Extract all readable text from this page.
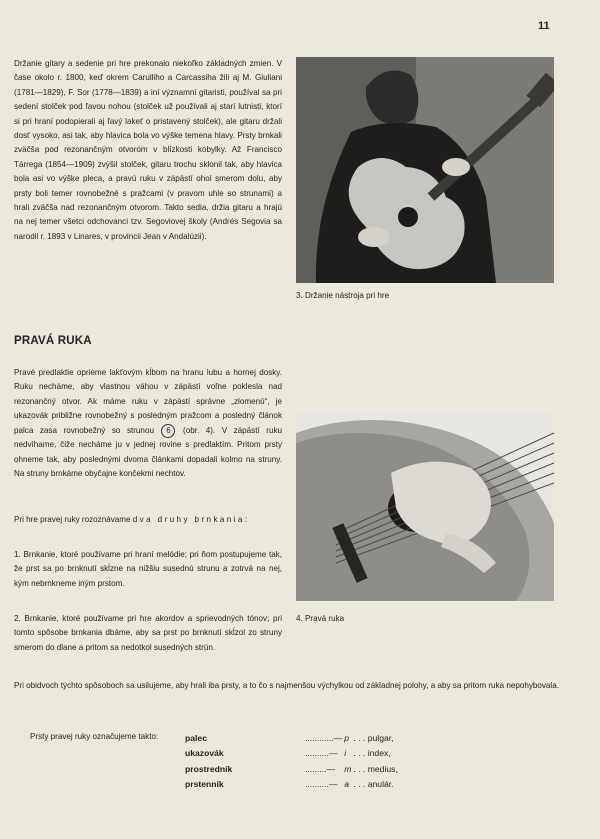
11

Držanie gitary a sedenie pri hre prekonalo niekoľko základných zmien. V čase okolo r. 1800, keď okrem Carulliho a Carcassiha žili aj M. Giuliani (1781—1829), F. Sor (1778—1839) a iní významní gitaristi, používal sa pri sedení stolček pod ľavou nohou (stolček už používali aj starí lutnisti, ktorí si pri hraní podopierali aj ľavý lakeť o pristavený stolček), ale gitaru držali dosť vysoko, asi tak, aby hlavica bola vo výške temena hlavy. Prsty brnkali zväčša pod rezonančným otvorom v blízkosti kobylky. Až Francisco Tárrega (1854—1909) zvýšil stolček, gitaru trochu sklonil tak, aby hlavica bola asi vo výške pleca, a pravú ruku v zápästí ohol smerom dolu, aby prsty boli temer rovnobežné s pražcami (v pravom uhle so strunami) a hrali zväčša nad rezonančným otvorom. Takto sedia, držia gitaru a hrajú na nej temer všetci odchovanci tzv. Segoviovej školy (Andrés Segovia sa narodil r. 1893 v Linares, v provincii Jean v Andalúzii).

3. Držanie nástroja pri hre
PRAVÁ RUKA

Pravé predlaktie oprieme lakťovým kĺbom na hranu lubu a hornej dosky. Ruku necháme, aby vlastnou váhou v zápästí voľne poklesla nad rezonančný otvor. Ak máme ruku v zápästí správne „zlomenú“, je ukazovák približne rovnobežný s posledným pražcom a posledný článok palca zasa rovnobežný so strunou 6 (obr. 4). V zápästí ruku nedvíhame, čiže necháme ju v jednej rovine s predlaktím. Pritom prsty ohneme tak, aby poslednými dvoma článkami dopadali kolmo na struny. Na struny brnkáme obyčajne končekmi nechtov.

Pri hre pravej ruky rozoznávame dva druhy brnkania:

1. Brnkanie, ktoré používame pri hraní melódie; pri ňom postupujeme tak, že prst sa po brnknutí skĺzne na nižšiu susednú strunu a zotrvá na nej, kým nebrnkneme iným prstom.

2. Brnkanie, ktoré používame pri hre akordov a sprievodných tónov; pri tomto spôsobe brnkania dbáme, aby sa prst po brnknutí skĺzol zo struny smerom do dlane a pritom sa nedotkol susedných strún.

4. Pravá ruka

Pri obidvoch týchto spôsoboch sa usilujeme, aby hrali iba prsty, a to čo s najmenšou výchylkou od základnej polohy, a aby sa pritom ruka nepohybovala.

Prsty pravej ruky označujeme takto:	palec	............—	p	. . . pulgar,
ukazovák	..........—	i	. . . index,
prostredník	.........—	m	. . . medius,
prstenník	..........—	a	. . . anulár.
